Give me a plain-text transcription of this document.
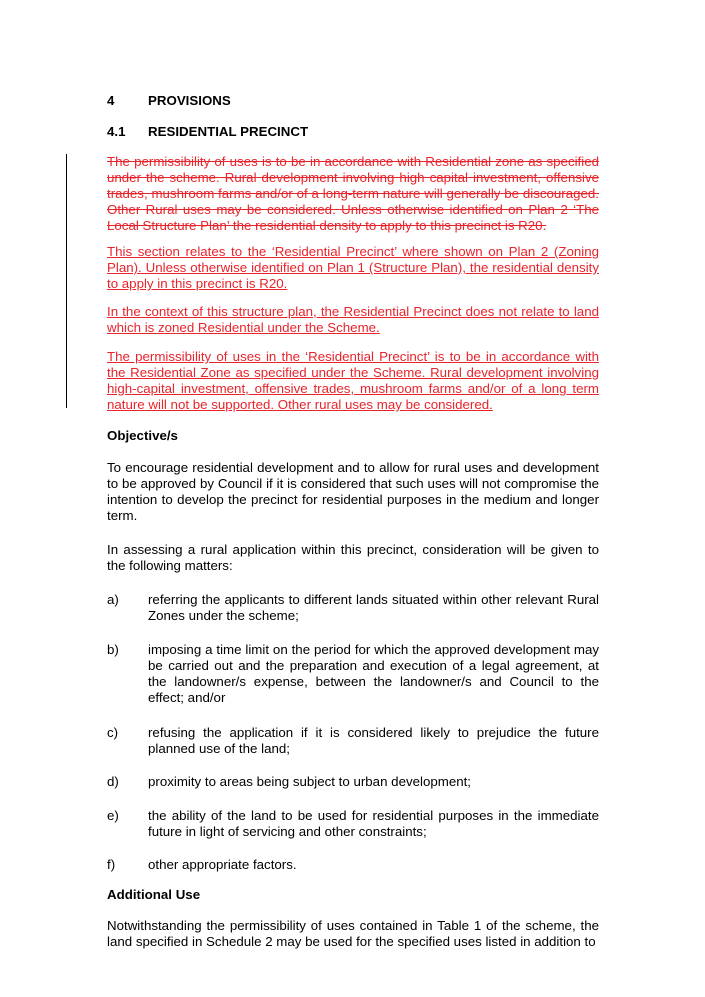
4	PROVISIONS
4.1 RESIDENTIAL PRECINCT

The permissibility of uses is to be in accordance with Residential zone as specified under the scheme. Rural development involving high capital investment, offensive trades, mushroom farms and/or of a long-term nature will generally be discouraged. Other Rural uses may be considered. Unless otherwise identified on Plan 2 ‘The Local Structure Plan’ the residential density to apply to this precinct is R20.

This section relates to the ‘Residential Precinct’ where shown on Plan 2 (Zoning Plan). Unless otherwise identified on Plan 1 (Structure Plan), the residential density to apply in this precinct is R20.

In the context of this structure plan, the Residential Precinct does not relate to land which is zoned Residential under the Scheme.

The permissibility of uses in the ‘Residential Precinct’ is to be in accordance with the Residential Zone as specified under the Scheme. Rural development involving high-capital investment, offensive trades, mushroom farms and/or of a long term nature will not be supported. Other rural uses may be considered.

Objective/s

To encourage residential development and to allow for rural uses and development to be approved by Council if it is considered that such uses will not compromise the intention to develop the precinct for residential purposes in the medium and longer term.

In assessing a rural application within this precinct, consideration will be given to the following matters:

a) referring the applicants to different lands situated within other relevant Rural Zones under the scheme;
b) imposing a time limit on the period for which the approved development may be carried out and the preparation and execution of a legal agreement, at the landowner/s expense, between the landowner/s and Council to the effect; and/or
c) refusing the application if it is considered likely to prejudice the future planned use of the land;
d) proximity to areas being subject to urban development;
e) the ability of the land to be used for residential purposes in the immediate future in light of servicing and other constraints;
f) other appropriate factors.
Additional Use

Notwithstanding the permissibility of uses contained in Table 1 of the scheme, the land specified in Schedule 2 may be used for the specified uses listed in addition to
